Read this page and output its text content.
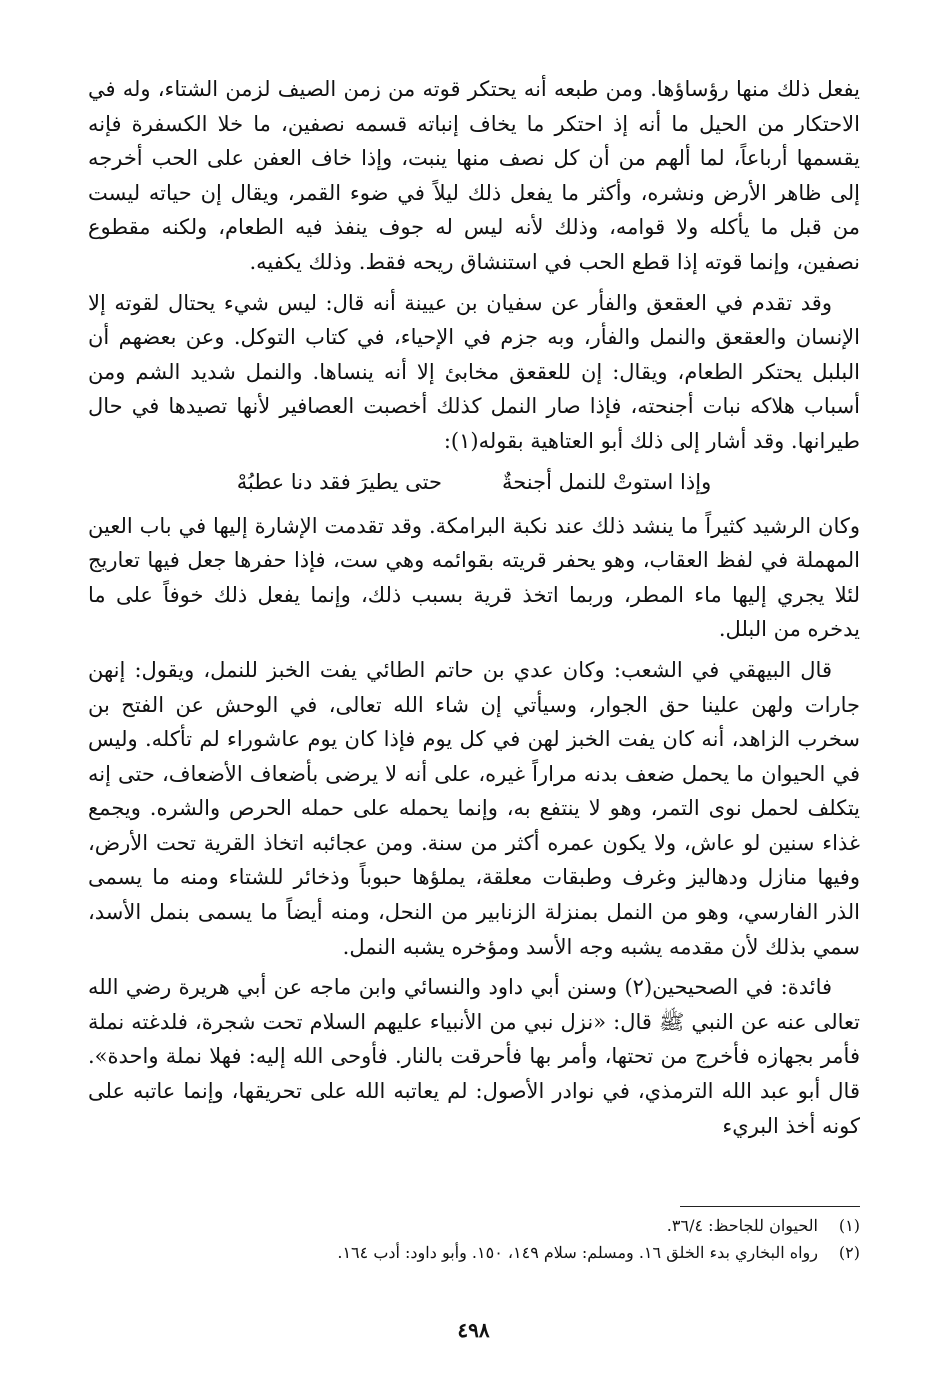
يفعل ذلك منها رؤساؤها. ومن طبعه أنه يحتكر قوته من زمن الصيف لزمن الشتاء، وله في الاحتكار من الحيل ما أنه إذ احتكر ما يخاف إنباته قسمه نصفين، ما خلا الكسفرة فإنه يقسمها أرباعاً، لما ألهم من أن كل نصف منها ينبت، وإذا خاف العفن على الحب أخرجه إلى ظاهر الأرض ونشره، وأكثر ما يفعل ذلك ليلاً في ضوء القمر، ويقال إن حياته ليست من قبل ما يأكله ولا قوامه، وذلك لأنه ليس له جوف ينفذ فيه الطعام، ولكنه مقطوع نصفين، وإنما قوته إذا قطع الحب في استنشاق ريحه فقط. وذلك يكفيه.

وقد تقدم في العقعق والفأر عن سفيان بن عيينة أنه قال: ليس شيء يحتال لقوته إلا الإنسان والعقعق والنمل والفأر، وبه جزم في الإحياء، في كتاب التوكل. وعن بعضهم أن البلبل يحتكر الطعام، ويقال: إن للعقعق مخابئ إلا أنه ينساها. والنمل شديد الشم ومن أسباب هلاكه نبات أجنحته، فإذا صار النمل كذلك أخصبت العصافير لأنها تصيدها في حال طيرانها. وقد أشار إلى ذلك أبو العتاهية بقوله(١):

وإذا استوتْ للنمل أجنحةٌ
حتى يطيرَ فقد دنا عطبُهْ

وكان الرشيد كثيراً ما ينشد ذلك عند نكبة البرامكة. وقد تقدمت الإشارة إليها في باب العين المهملة في لفظ العقاب، وهو يحفر قريته بقوائمه وهي ست، فإذا حفرها جعل فيها تعاريج لئلا يجري إليها ماء المطر، وربما اتخذ قرية بسبب ذلك، وإنما يفعل ذلك خوفاً على ما يدخره من البلل.

قال البيهقي في الشعب: وكان عدي بن حاتم الطائي يفت الخبز للنمل، ويقول: إنهن جارات ولهن علينا حق الجوار، وسيأتي إن شاء الله تعالى، في الوحش عن الفتح بن سخرب الزاهد، أنه كان يفت الخبز لهن في كل يوم فإذا كان يوم عاشوراء لم تأكله. وليس في الحيوان ما يحمل ضعف بدنه مراراً غيره، على أنه لا يرضى بأضعاف الأضعاف، حتى إنه يتكلف لحمل نوى التمر، وهو لا ينتفع به، وإنما يحمله على حمله الحرص والشره. ويجمع غذاء سنين لو عاش، ولا يكون عمره أكثر من سنة. ومن عجائبه اتخاذ القرية تحت الأرض، وفيها منازل ودهاليز وغرف وطبقات معلقة، يملؤها حبوباً وذخائر للشتاء ومنه ما يسمى الذر الفارسي، وهو من النمل بمنزلة الزنابير من النحل، ومنه أيضاً ما يسمى بنمل الأسد، سمي بذلك لأن مقدمه يشبه وجه الأسد ومؤخره يشبه النمل.

فائدة: في الصحيحين(٢) وسنن أبي داود والنسائي وابن ماجه عن أبي هريرة رضي الله تعالى عنه عن النبي ﷺ قال: «نزل نبي من الأنبياء عليهم السلام تحت شجرة، فلدغته نملة فأمر بجهازه فأخرج من تحتها، وأمر بها فأحرقت بالنار. فأوحى الله إليه: فهلا نملة واحدة». قال أبو عبد الله الترمذي، في نوادر الأصول: لم يعاتبه الله على تحريقها، وإنما عاتبه على كونه أخذ البريء

(١)
الحيوان للجاحظ: ٣٦/٤.
(٢)
رواه البخاري بدء الخلق ١٦. ومسلم: سلام ١٤٩، ١٥٠. وأبو داود: أدب ١٦٤.
٤٩٨
